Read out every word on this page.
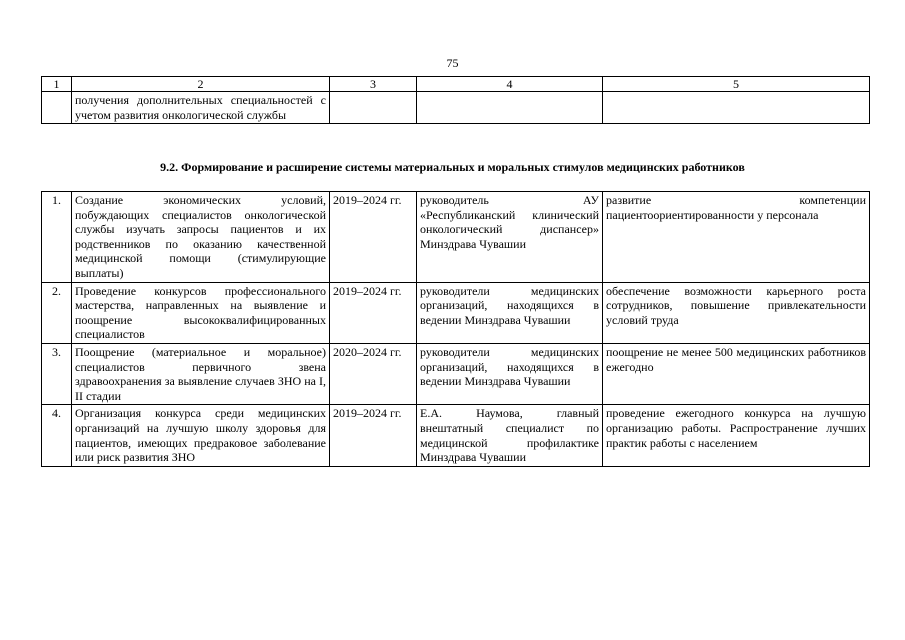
75
1	2	3	4	5
	получения дополнительных специальностей с учетом развития онкологической службы			
9.2. Формирование и расширение системы материальных и моральных стимулов медицинских работников
1.	Создание экономических условий, побуждающих специалистов онкологической службы изучать запросы пациентов и их родственников по оказанию качественной медицинской помощи (стимулирующие выплаты)	2019–2024 гг.	руководитель АУ «Республиканский клинический онкологический диспансер» Минздрава Чувашии	развитие компетенции пациентоориентированности у персонала
2.	Проведение конкурсов профессионального мастерства, направленных на выявление и поощрение высококвалифицированных специалистов	2019–2024 гг.	руководители медицинских организаций, находящихся в ведении Минздрава Чувашии	обеспечение возможности карьерного роста сотрудников, повышение привлекательности условий труда
3.	Поощрение (материальное и моральное) специалистов первичного звена здравоохранения за выявление случаев ЗНО на I, II стадии	2020–2024 гг.	руководители медицинских организаций, находящихся в ведении Минздрава Чувашии	поощрение не менее 500 медицинских работников ежегодно
4.	Организация конкурса среди медицинских организаций на лучшую школу здоровья для пациентов, имеющих предраковое заболевание или риск развития ЗНО	2019–2024 гг.	Е.А. Наумова, главный внештатный специалист по медицинской профилактике Минздрава Чувашии	проведение ежегодного конкурса на лучшую организацию работы. Распространение лучших практик работы с населением
